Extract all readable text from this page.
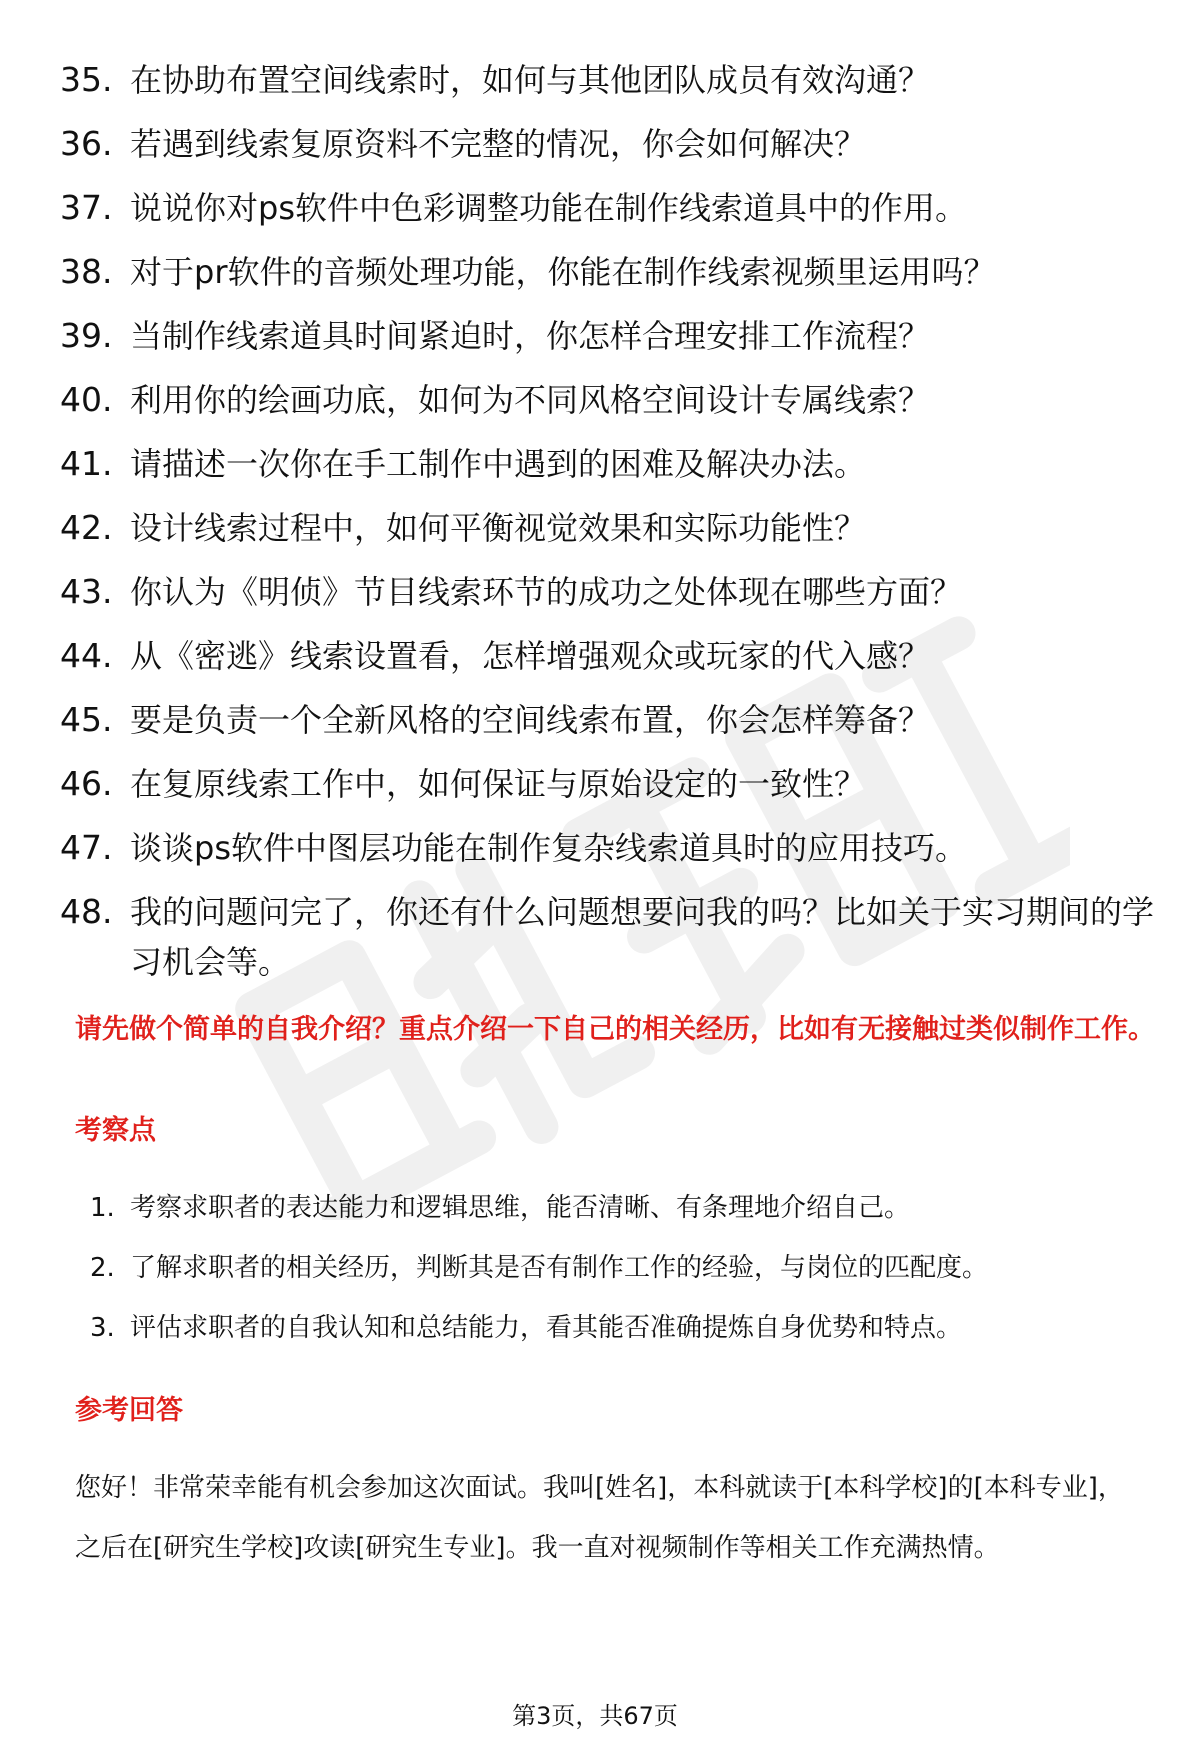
35. 在协助布置空间线索时，如何与其他团队成员有效沟通？
36. 若遇到线索复原资料不完整的情况，你会如何解决？
37. 说说你对ps软件中色彩调整功能在制作线索道具中的作用。
38. 对于pr软件的音频处理功能，你能在制作线索视频里运用吗？
39. 当制作线索道具时间紧迫时，你怎样合理安排工作流程？
40. 利用你的绘画功底，如何为不同风格空间设计专属线索？
41. 请描述一次你在手工制作中遇到的困难及解决办法。
42. 设计线索过程中，如何平衡视觉效果和实际功能性？
43. 你认为《明侦》节目线索环节的成功之处体现在哪些方面？
44. 从《密逃》线索设置看，怎样增强观众或玩家的代入感？
45. 要是负责一个全新风格的空间线索布置，你会怎样筹备？
46. 在复原线索工作中，如何保证与原始设定的一致性？
47. 谈谈ps软件中图层功能在制作复杂线索道具时的应用技巧。
48. 我的问题问完了，你还有什么问题想要问我的吗？比如关于实习期间的学习机会等。

请先做个简单的自我介绍？重点介绍一下自己的相关经历，比如有无接触过类似制作工作。

考察点

1. 考察求职者的表达能力和逻辑思维，能否清晰、有条理地介绍自己。
2. 了解求职者的相关经历，判断其是否有制作工作的经验，与岗位的匹配度。
3. 评估求职者的自我认知和总结能力，看其能否准确提炼自身优势和特点。

参考回答

您好！非常荣幸能有机会参加这次面试。我叫[姓名]，本科就读于[本科学校]的[本科专业]，之后在[研究生学校]攻读[研究生专业]。我一直对视频制作等相关工作充满热情。

第3页，共67页
